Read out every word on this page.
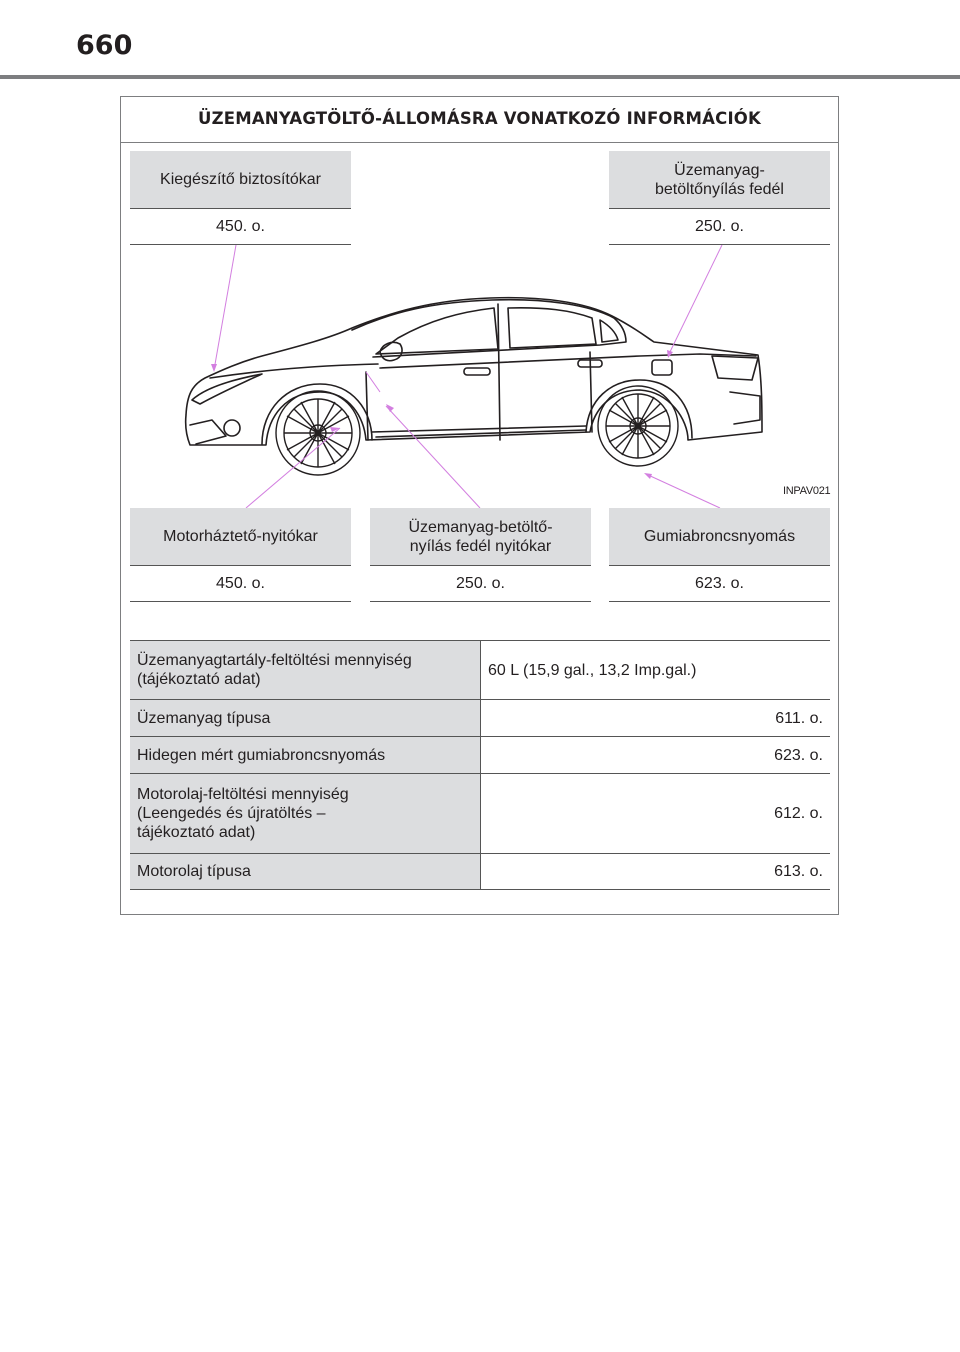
660
ÜZEMANYAGTÖLTŐ-ÁLLOMÁSRA VONATKOZÓ INFORMÁCIÓK
INPAV021
Kiegészítő biztosítókar
450. o.
Üzemanyag-
betöltőnyílás fedél
250. o.
Motorháztető-nyitókar
450. o.
Üzemanyag-betöltő-
nyílás fedél nyitókar
250. o.
Gumiabroncsnyomás
623. o.
Üzemanyagtartály-feltöltési mennyiség
(tájékoztató adat)	60 L (15,9 gal., 13,2 Imp.gal.)
Üzemanyag típusa	611. o.
Hidegen mért gumiabroncsnyomás	623. o.
Motorolaj-feltöltési mennyiség
(Leengedés és újratöltés –
tájékoztató adat)	612. o.
Motorolaj típusa	613. o.
